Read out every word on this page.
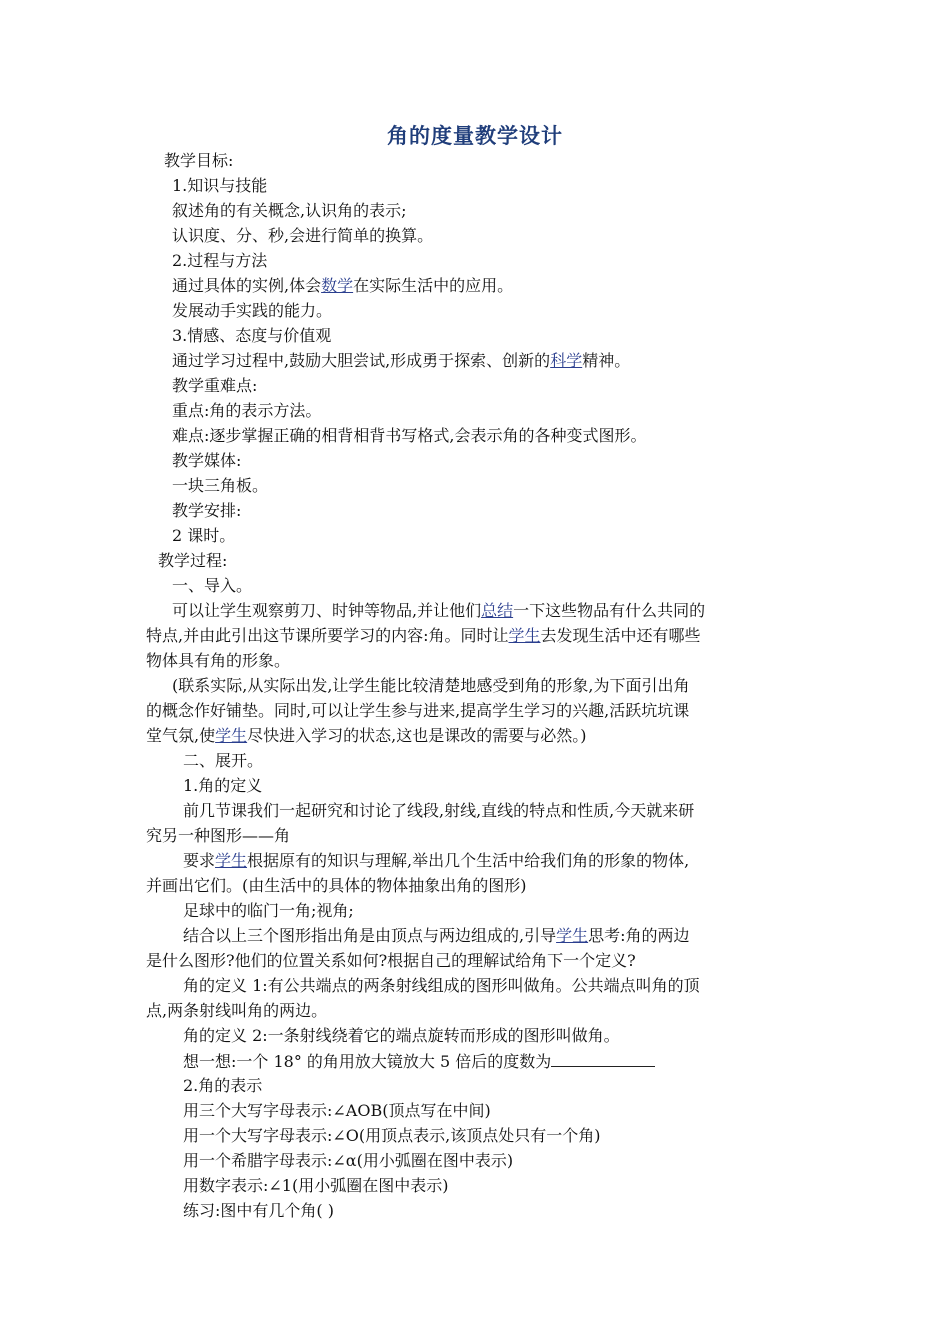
角的度量教学设计
教学目标:
1.知识与技能
叙述角的有关概念,认识角的表示;
认识度、分、秒,会进行简单的换算。
2.过程与方法
通过具体的实例,体会数学在实际生活中的应用。
发展动手实践的能力。
3.情感、态度与价值观
通过学习过程中,鼓励大胆尝试,形成勇于探索、创新的科学精神。
教学重难点:
重点:角的表示方法。
难点:逐步掌握正确的相背相背书写格式,会表示角的各种变式图形。
教学媒体:
一块三角板。
教学安排:
2 课时。
教学过程:
一、导入。
可以让学生观察剪刀、时钟等物品,并让他们总结一下这些物品有什么共同的
特点,并由此引出这节课所要学习的内容:角。同时让学生去发现生活中还有哪些
物体具有角的形象。
(联系实际,从实际出发,让学生能比较清楚地感受到角的形象,为下面引出角
的概念作好铺垫。同时,可以让学生参与进来,提高学生学习的兴趣,活跃坑坑课
堂气氛,使学生尽快进入学习的状态,这也是课改的需要与必然。)
二、展开。
1.角的定义
前几节课我们一起研究和讨论了线段,射线,直线的特点和性质,今天就来研
究另一种图形——角
要求学生根据原有的知识与理解,举出几个生活中给我们角的形象的物体,
并画出它们。(由生活中的具体的物体抽象出角的图形)
足球中的临门一角;视角;
结合以上三个图形指出角是由顶点与两边组成的,引导学生思考:角的两边
是什么图形?他们的位置关系如何?根据自己的理解试给角下一个定义?
角的定义 1:有公共端点的两条射线组成的图形叫做角。公共端点叫角的顶
点,两条射线叫角的两边。
角的定义 2:一条射线绕着它的端点旋转而形成的图形叫做角。
想一想:一个 18° 的角用放大镜放大 5 倍后的度数为
2.角的表示
用三个大写字母表示:∠AOB(顶点写在中间)
用一个大写字母表示:∠O(用顶点表示,该顶点处只有一个角)
用一个希腊字母表示:∠α(用小弧圈在图中表示)
用数字表示:∠1(用小弧圈在图中表示)
练习:图中有几个角( )
